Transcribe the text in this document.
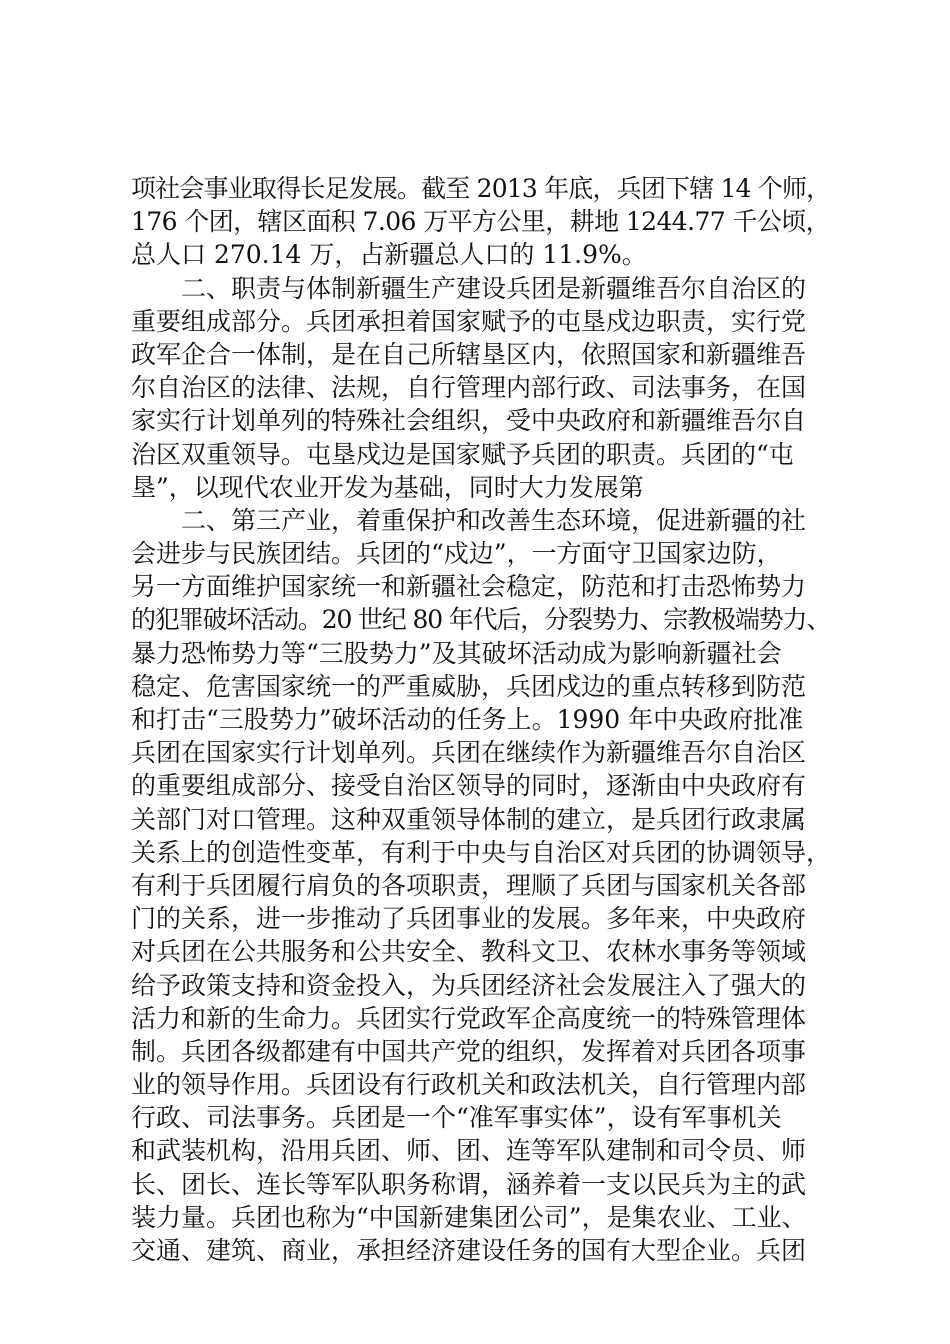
项社会事业取得长足发展。截至 2013 年底，兵团下辖 14 个师，
176 个团，辖区面积 7.06 万平方公里，耕地 1244.77 千公顷，
总人口 270.14 万，占新疆总人口的 11.9%。
二、职责与体制新疆生产建设兵团是新疆维吾尔自治区的
重要组成部分。兵团承担着国家赋予的屯垦戍边职责，实行党
政军企合一体制，是在自己所辖垦区内，依照国家和新疆维吾
尔自治区的法律、法规，自行管理内部行政、司法事务，在国
家实行计划单列的特殊社会组织，受中央政府和新疆维吾尔自
治区双重领导。屯垦戍边是国家赋予兵团的职责。兵团的“屯
垦”，以现代农业开发为基础，同时大力发展第
二、第三产业，着重保护和改善生态环境，促进新疆的社
会进步与民族团结。兵团的“戍边”，一方面守卫国家边防，
另一方面维护国家统一和新疆社会稳定，防范和打击恐怖势力
的犯罪破坏活动。20 世纪 80 年代后，分裂势力、宗教极端势力、
暴力恐怖势力等“三股势力”及其破坏活动成为影响新疆社会
稳定、危害国家统一的严重威胁，兵团戍边的重点转移到防范
和打击“三股势力”破坏活动的任务上。1990 年中央政府批准
兵团在国家实行计划单列。兵团在继续作为新疆维吾尔自治区
的重要组成部分、接受自治区领导的同时，逐渐由中央政府有
关部门对口管理。这种双重领导体制的建立，是兵团行政隶属
关系上的创造性变革，有利于中央与自治区对兵团的协调领导，
有利于兵团履行肩负的各项职责，理顺了兵团与国家机关各部
门的关系，进一步推动了兵团事业的发展。多年来，中央政府
对兵团在公共服务和公共安全、教科文卫、农林水事务等领域
给予政策支持和资金投入，为兵团经济社会发展注入了强大的
活力和新的生命力。兵团实行党政军企高度统一的特殊管理体
制。兵团各级都建有中国共产党的组织，发挥着对兵团各项事
业的领导作用。兵团设有行政机关和政法机关，自行管理内部
行政、司法事务。兵团是一个“准军事实体”，设有军事机关
和武装机构，沿用兵团、师、团、连等军队建制和司令员、师
长、团长、连长等军队职务称谓，涵养着一支以民兵为主的武
装力量。兵团也称为“中国新建集团公司”，是集农业、工业、
交通、建筑、商业，承担经济建设任务的国有大型企业。兵团
